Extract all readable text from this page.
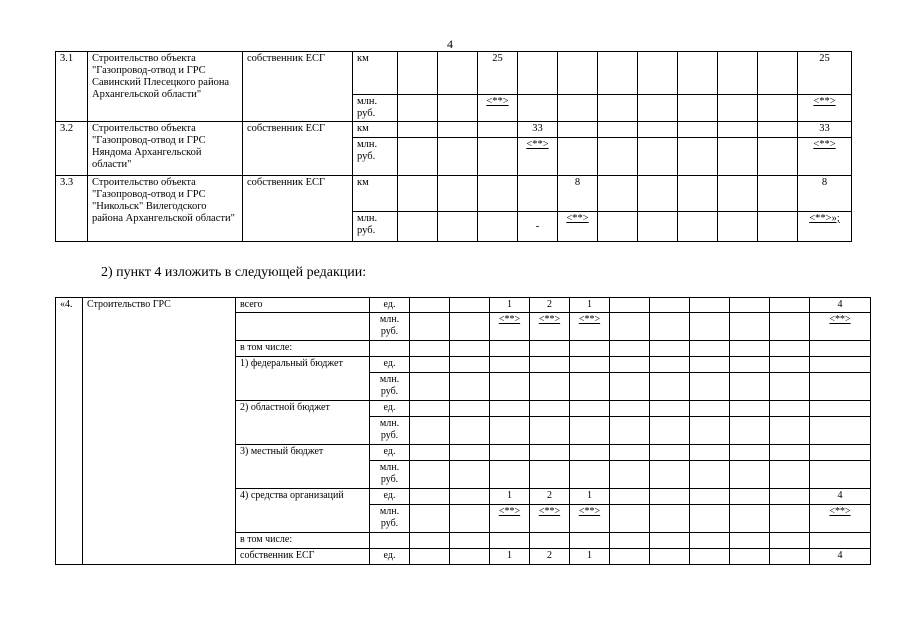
4
3.1	Строительство объекта "Газопровод-отвод и ГРС Савинский Плесецкого района Архангельской области"	собственник ЕСГ	км			25								25
			млн. руб.			<**>								<**>
3.2	Строительство объекта "Газопровод-отвод и ГРС Няндома Архангельской области"	собственник ЕСГ	км				33							33
			млн. руб.				<**>							<**>
3.3	Строительство объекта "Газопровод-отвод и ГРС "Никольск" Вилегодского района Архангельской области"	собственник ЕСГ	км					8						8
			млн. руб.				-	<**>						<**>»;
2) пункт 4 изложить в следующей редакции:
«4.	Строительство ГРС	всего	ед.			1	2	1						4
			млн. руб.			<**>	<**>	<**>						<**>
		в том числе:												
		1) федеральный бюджет	ед.											
			млн. руб.											
		2) областной бюджет	ед.											
			млн. руб.											
		3) местный бюджет	ед.											
			млн. руб.											
		4) средства организаций	ед.			1	2	1						4
			млн. руб.			<**>	<**>	<**>						<**>
		в том числе:												
		собственник ЕСГ	ед.			1	2	1						4
